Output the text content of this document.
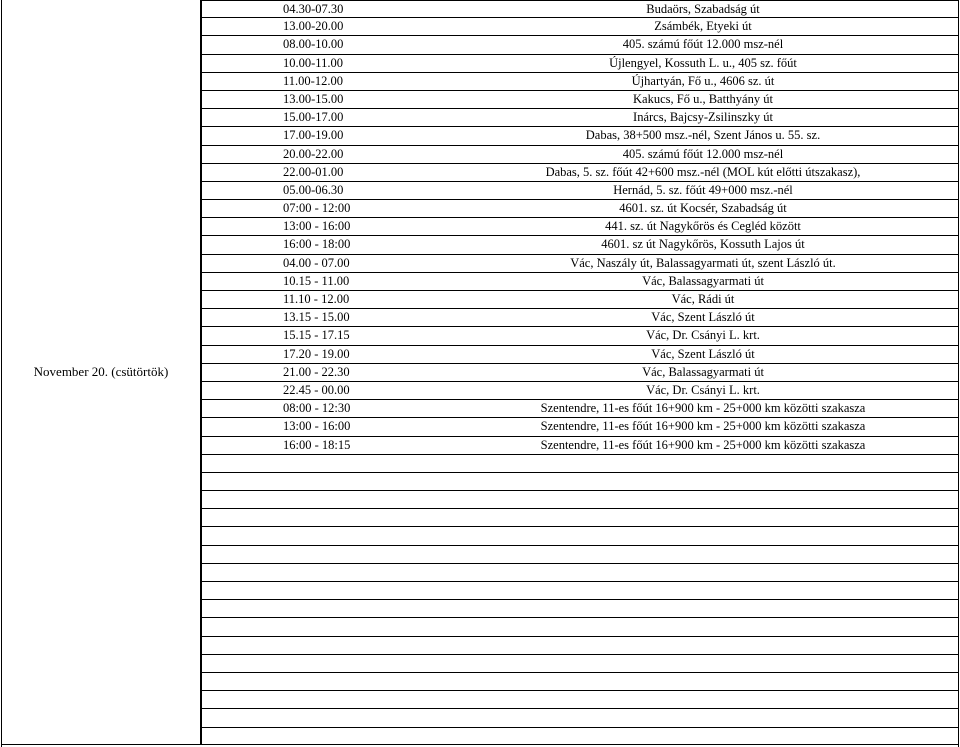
November 20. (csütörtök)
04.30-07.30	Budaörs, Szabadság út
13.00-20.00	Zsámbék, Etyeki út
08.00-10.00	405. számú főút 12.000 msz-nél
10.00-11.00	Újlengyel, Kossuth L. u., 405 sz. főút
11.00-12.00	Újhartyán, Fő u., 4606 sz. út
13.00-15.00	Kakucs, Fő u., Batthyány út
15.00-17.00	Inárcs, Bajcsy-Zsilinszky út
17.00-19.00	Dabas, 38+500 msz.-nél, Szent János u. 55. sz.
20.00-22.00	405. számú főút 12.000 msz-nél
22.00-01.00	Dabas, 5. sz. főút 42+600 msz.-nél (MOL kút előtti útszakasz),
05.00-06.30	Hernád, 5. sz. főút 49+000 msz.-nél
07:00 - 12:00	4601. sz. út Kocsér, Szabadság út
13:00 - 16:00	441. sz. út Nagykőrös és Cegléd között
16:00 - 18:00	4601. sz út Nagykőrös, Kossuth Lajos út
04.00 - 07.00	Vác, Naszály út, Balassagyarmati út, szent László út.
10.15 - 11.00	Vác, Balassagyarmati út
11.10 - 12.00	Vác, Rádi út
13.15 - 15.00	Vác, Szent László út
15.15 - 17.15	Vác, Dr. Csányi L. krt.
17.20 - 19.00	Vác, Szent László út
21.00 - 22.30	Vác, Balassagyarmati út
22.45 - 00.00	Vác, Dr. Csányi L. krt.
08:00 - 12:30	Szentendre, 11-es főút 16+900 km - 25+000 km közötti szakasza
13:00 - 16:00	Szentendre, 11-es főút 16+900 km - 25+000 km közötti szakasza
16:00 - 18:15	Szentendre, 11-es főút 16+900 km - 25+000 km közötti szakasza
